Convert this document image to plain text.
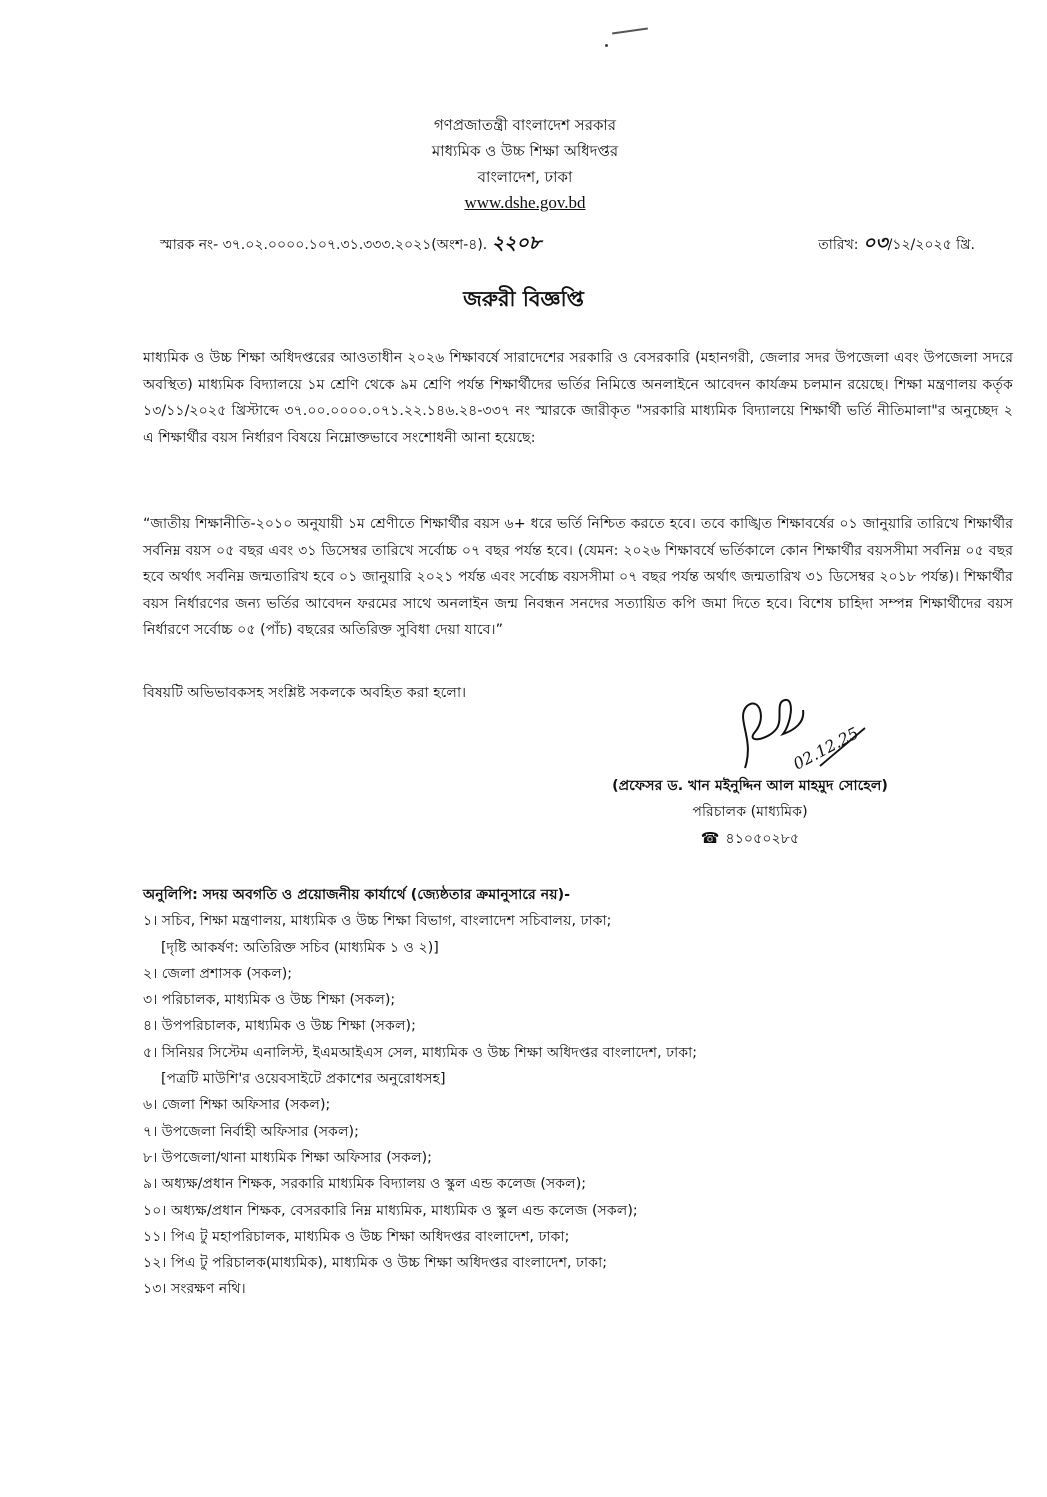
গণপ্রজাতন্ত্রী বাংলাদেশ সরকার
মাধ্যমিক ও উচ্চ শিক্ষা অধিদপ্তর
বাংলাদেশ, ঢাকা
www.dshe.gov.bd
স্মারক নং- ৩৭.০২.০০০০.১০৭.৩১.৩৩৩.২০২১(অংশ-৪). ২২০৮	তারিখ: ০৩/১২/২০২৫ খ্রি.
জরুরী বিজ্ঞপ্তি
মাধ্যমিক ও উচ্চ শিক্ষা অধিদপ্তরের আওতাধীন ২০২৬ শিক্ষাবর্ষে সারাদেশের সরকারি ও বেসরকারি (মহানগরী, জেলার সদর উপজেলা এবং উপজেলা সদরে অবস্থিত) মাধ্যমিক বিদ্যালয়ে ১ম শ্রেণি থেকে ৯ম শ্রেণি পর্যন্ত শিক্ষার্থীদের ভর্তির নিমিত্তে অনলাইনে আবেদন কার্যক্রম চলমান রয়েছে। শিক্ষা মন্ত্রণালয় কর্তৃক ১৩/১১/২০২৫ খ্রিস্টাব্দে ৩৭.০০.০০০০.০৭১.২২.১৪৬.২৪-৩৩৭ নং স্মারকে জারীকৃত "সরকারি মাধ্যমিক বিদ্যালয়ে শিক্ষার্থী ভর্তি নীতিমালা"র অনুচ্ছেদ ২ এ শিক্ষার্থীর বয়স নির্ধারণ বিষয়ে নিম্নোক্তভাবে সংশোধনী আনা হয়েছে:
“জাতীয় শিক্ষানীতি-২০১০ অনুযায়ী ১ম শ্রেণীতে শিক্ষার্থীর বয়স ৬+ ধরে ভর্তি নিশ্চিত করতে হবে। তবে কাঙ্খিত শিক্ষাবর্ষের ০১ জানুয়ারি তারিখে শিক্ষার্থীর সর্বনিম্ন বয়স ০৫ বছর এবং ৩১ ডিসেম্বর তারিখে সর্বোচ্চ ০৭ বছর পর্যন্ত হবে। (যেমন: ২০২৬ শিক্ষাবর্ষে ভর্তিকালে কোন শিক্ষার্থীর বয়সসীমা সর্বনিম্ন ০৫ বছর হবে অর্থাৎ সর্বনিম্ন জন্মতারিখ হবে ০১ জানুয়ারি ২০২১ পর্যন্ত এবং সর্বোচ্চ বয়সসীমা ০৭ বছর পর্যন্ত অর্থাৎ জন্মতারিখ ৩১ ডিসেম্বর ২০১৮ পর্যন্ত)। শিক্ষার্থীর বয়স নির্ধারণের জন্য ভর্তির আবেদন ফরমের সাথে অনলাইন জন্ম নিবন্ধন সনদের সত্যায়িত কপি জমা দিতে হবে। বিশেষ চাহিদা সম্পন্ন শিক্ষার্থীদের বয়স নির্ধারণে সর্বোচ্চ ০৫ (পাঁচ) বছরের অতিরিক্ত সুবিধা দেয়া যাবে।”
বিষয়টি অভিভাবকসহ সংশ্লিষ্ট সকলকে অবহিত করা হলো।
02.12.25
(প্রফেসর ড. খান মইনুদ্দিন আল মাহমুদ সোহেল)
পরিচালক (মাধ্যমিক)
☎ ৪১০৫০২৮৫
অনুলিপি: সদয় অবগতি ও প্রয়োজনীয় কার্যার্থে (জ্যেষ্ঠতার ক্রমানুসারে নয়)-
১। সচিব, শিক্ষা মন্ত্রণালয়, মাধ্যমিক ও উচ্চ শিক্ষা বিভাগ, বাংলাদেশ সচিবালয়, ঢাকা;
[দৃষ্টি আকর্ষণ: অতিরিক্ত সচিব (মাধ্যমিক ১ ও ২)]
২। জেলা প্রশাসক (সকল);
৩। পরিচালক, মাধ্যমিক ও উচ্চ শিক্ষা (সকল);
৪। উপপরিচালক, মাধ্যমিক ও উচ্চ শিক্ষা (সকল);
৫। সিনিয়র সিস্টেম এনালিস্ট, ইএমআইএস সেল, মাধ্যমিক ও উচ্চ শিক্ষা অধিদপ্তর বাংলাদেশ, ঢাকা;
[পত্রটি মাউশি'র ওয়েবসাইটে প্রকাশের অনুরোধসহ]
৬। জেলা শিক্ষা অফিসার (সকল);
৭। উপজেলা নির্বাহী অফিসার (সকল);
৮। উপজেলা/থানা মাধ্যমিক শিক্ষা অফিসার (সকল);
৯। অধ্যক্ষ/প্রধান শিক্ষক, সরকারি মাধ্যমিক বিদ্যালয় ও স্কুল এন্ড কলেজ (সকল);
১০। অধ্যক্ষ/প্রধান শিক্ষক, বেসরকারি নিম্ন মাধ্যমিক, মাধ্যমিক ও স্কুল এন্ড কলেজ (সকল);
১১। পিএ টু মহাপরিচালক, মাধ্যমিক ও উচ্চ শিক্ষা অধিদপ্তর বাংলাদেশ, ঢাকা;
১২। পিএ টু পরিচালক(মাধ্যমিক), মাধ্যমিক ও উচ্চ শিক্ষা অধিদপ্তর বাংলাদেশ, ঢাকা;
১৩। সংরক্ষণ নথি।
